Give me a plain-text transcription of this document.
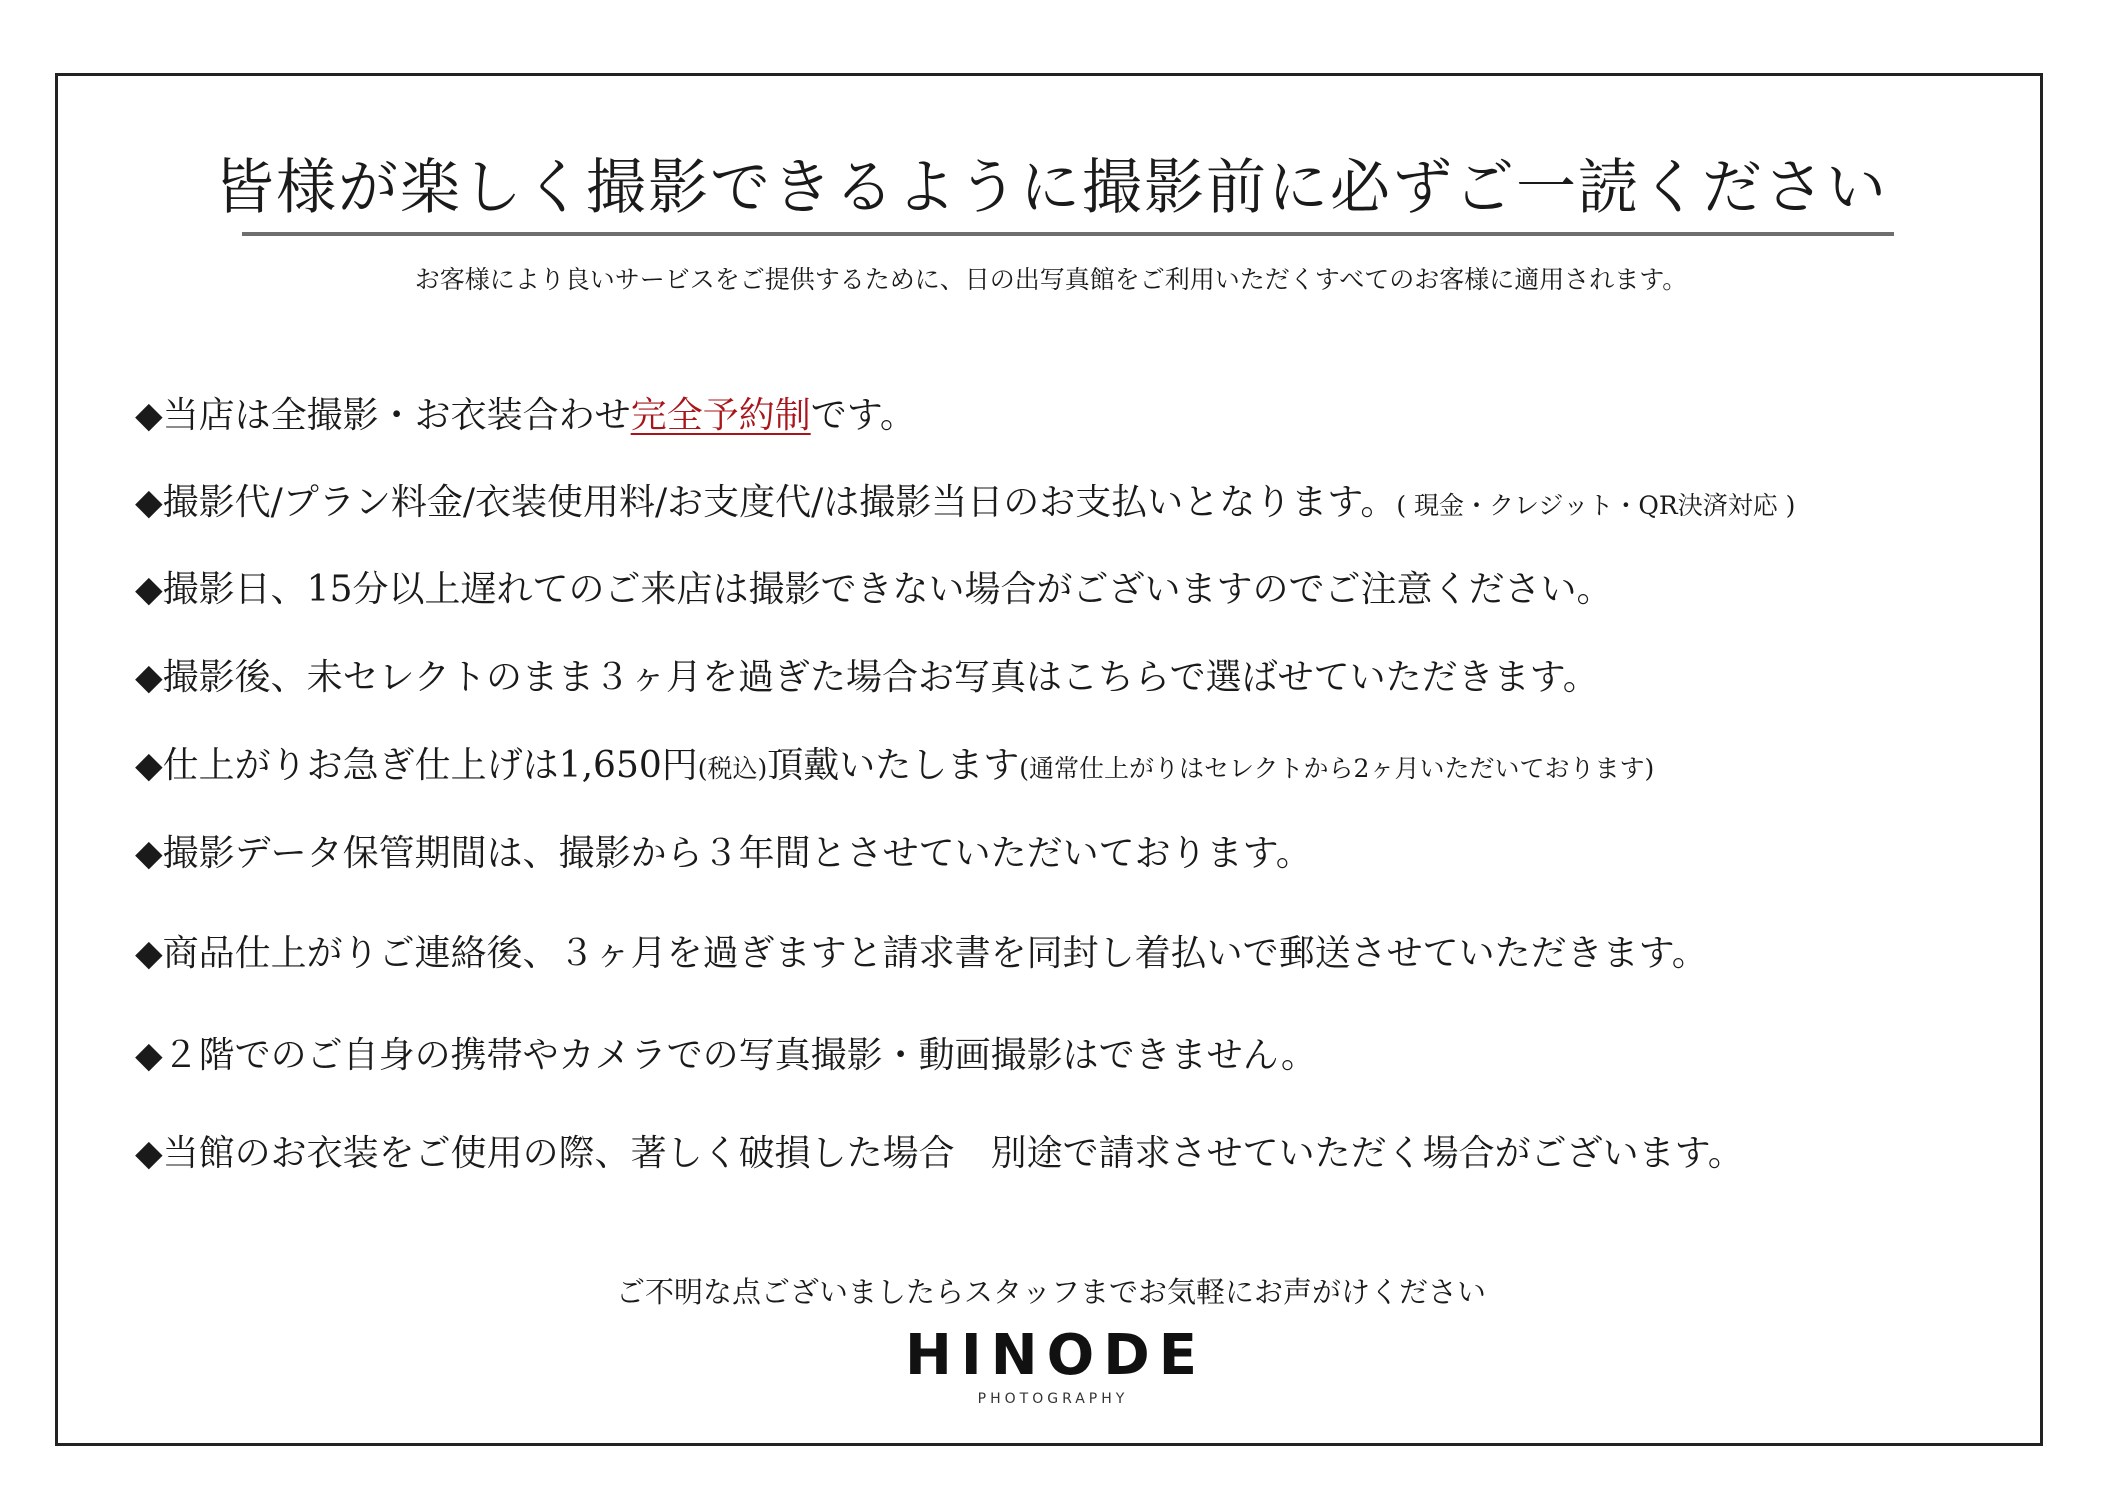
皆様が楽しく撮影できるように撮影前に必ずご一読ください
お客様により良いサービスをご提供するために、日の出写真館をご利用いただくすべてのお客様に適用されます。
◆当店は全撮影・お衣装合わせ完全予約制です。
◆撮影代/プラン料金/衣装使用料/お支度代/は撮影当日のお支払いとなります。( 現金・クレジット・QR決済対応 )
◆撮影日、15分以上遅れてのご来店は撮影できない場合がございますのでご注意ください。
◆撮影後、未セレクトのまま３ヶ月を過ぎた場合お写真はこちらで選ばせていただきます。
◆仕上がりお急ぎ仕上げは1,650円(税込)頂戴いたします(通常仕上がりはセレクトから2ヶ月いただいております)
◆撮影データ保管期間は、撮影から３年間とさせていただいております。
◆商品仕上がりご連絡後、３ヶ月を過ぎますと請求書を同封し着払いで郵送させていただきます。
◆２階でのご自身の携帯やカメラでの写真撮影・動画撮影はできません。
◆当館のお衣装をご使用の際、著しく破損した場合　別途で請求させていただく場合がございます。
ご不明な点ございましたらスタッフまでお気軽にお声がけください
HINODE
PHOTOGRAPHY
